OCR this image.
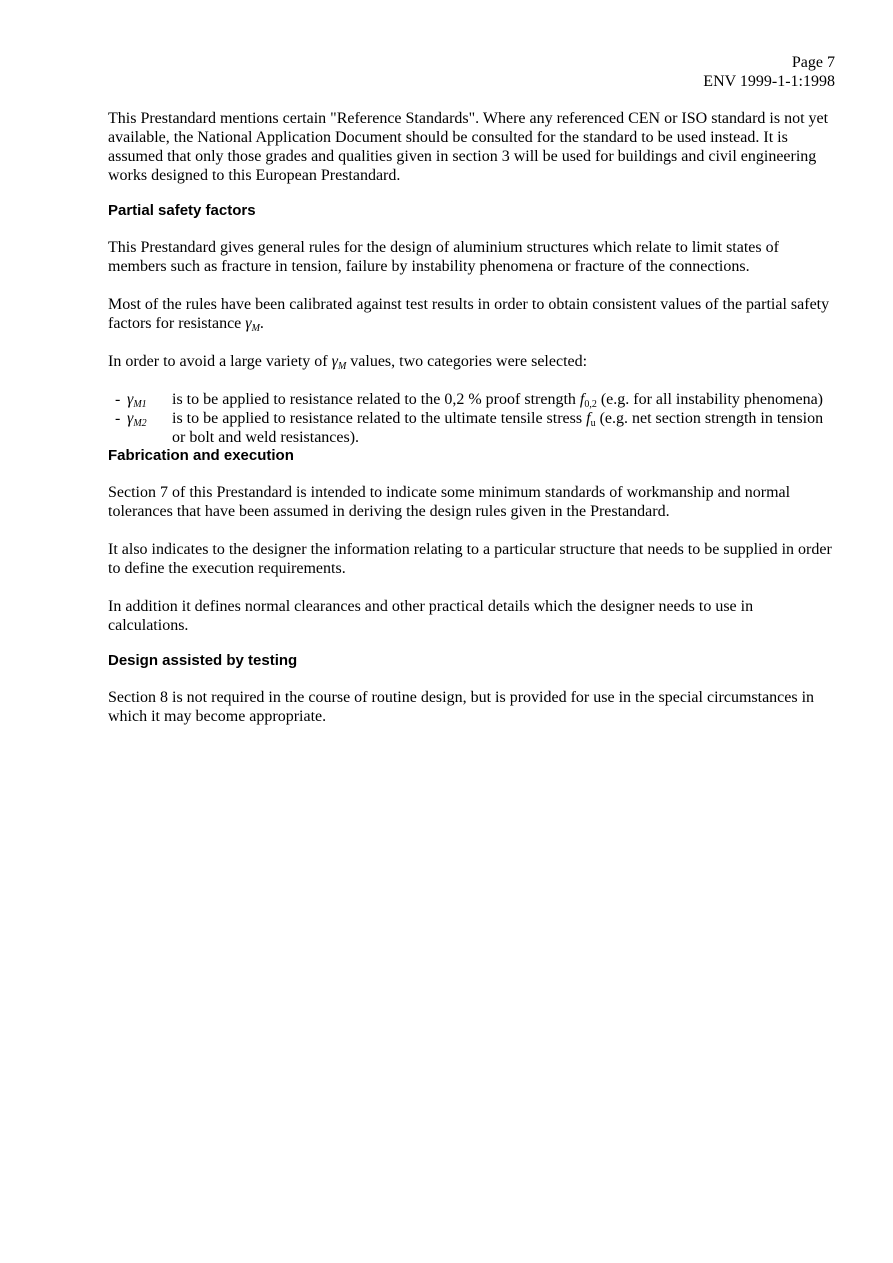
Page 7
ENV 1999-1-1:1998

This Prestandard mentions certain "Reference Standards". Where any referenced CEN or ISO standard is not yet available, the National Application Document should be consulted for the standard to be used instead. It is assumed that only those grades and qualities given in section 3 will be used for buildings and civil engineering works designed to this European Prestandard.

Partial safety factors

This Prestandard gives general rules for the design of aluminium structures which relate to limit states of members such as fracture in tension, failure by instability phenomena or fracture of the connections.

Most of the rules have been calibrated against test results in order to obtain consistent values of the partial safety factors for resistance $\gamma_M$.

In order to avoid a large variety of $\gamma_M$ values, two categories were selected:

- $\gamma_{M1}$ is to be applied to resistance related to the 0,2 % proof strength $f_{0,2}$ (e.g. for all instability phenomena)
- $\gamma_{M2}$ is to be applied to resistance related to the ultimate tensile stress $f_u$ (e.g. net section strength in tension or bolt and weld resistances).
Fabrication and execution

Section 7 of this Prestandard is intended to indicate some minimum standards of workmanship and normal tolerances that have been assumed in deriving the design rules given in the Prestandard.

It also indicates to the designer the information relating to a particular structure that needs to be supplied in order to define the execution requirements.

In addition it defines normal clearances and other practical details which the designer needs to use in calculations.

Design assisted by testing

Section 8 is not required in the course of routine design, but is provided for use in the special circumstances in which it may become appropriate.
